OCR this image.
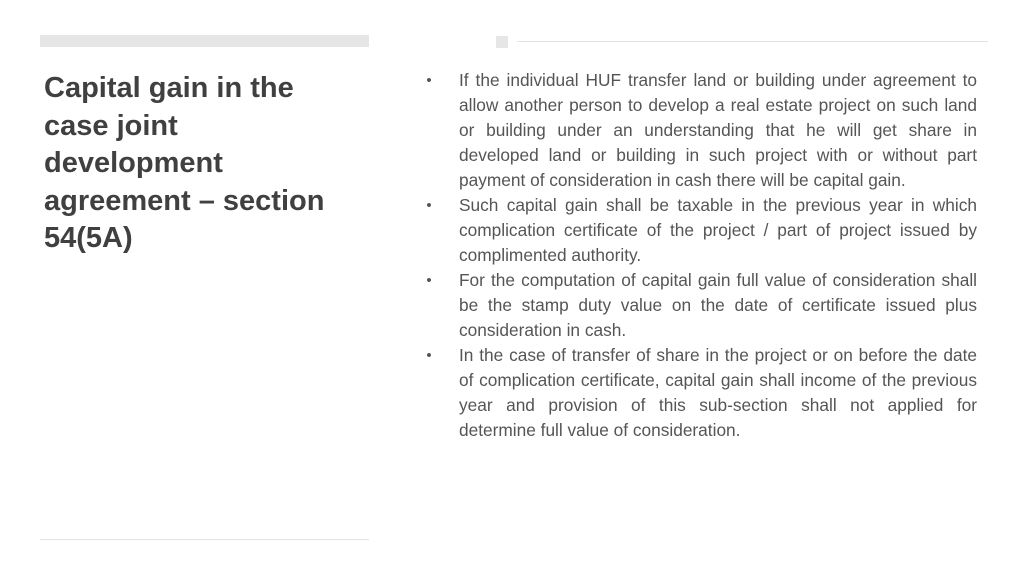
Capital gain in the case joint development agreement – section 54(5A)
• If the individual HUF transfer land or building under agreement to allow another person to develop a real estate project on such land or building under an understanding that he will get share in developed land or building in such project with or without part payment of consideration in cash there will be capital gain.
• Such capital gain shall be taxable in the previous year in which complication certificate of the project / part of project issued by complimented authority.
• For the computation of capital gain full value of consideration shall be the stamp duty value on the date of certificate issued plus consideration in cash.
• In the case of transfer of share in the project or on before the date of complication certificate, capital gain shall income of the previous year and provision of this sub-section shall not applied for determine full value of consideration.
